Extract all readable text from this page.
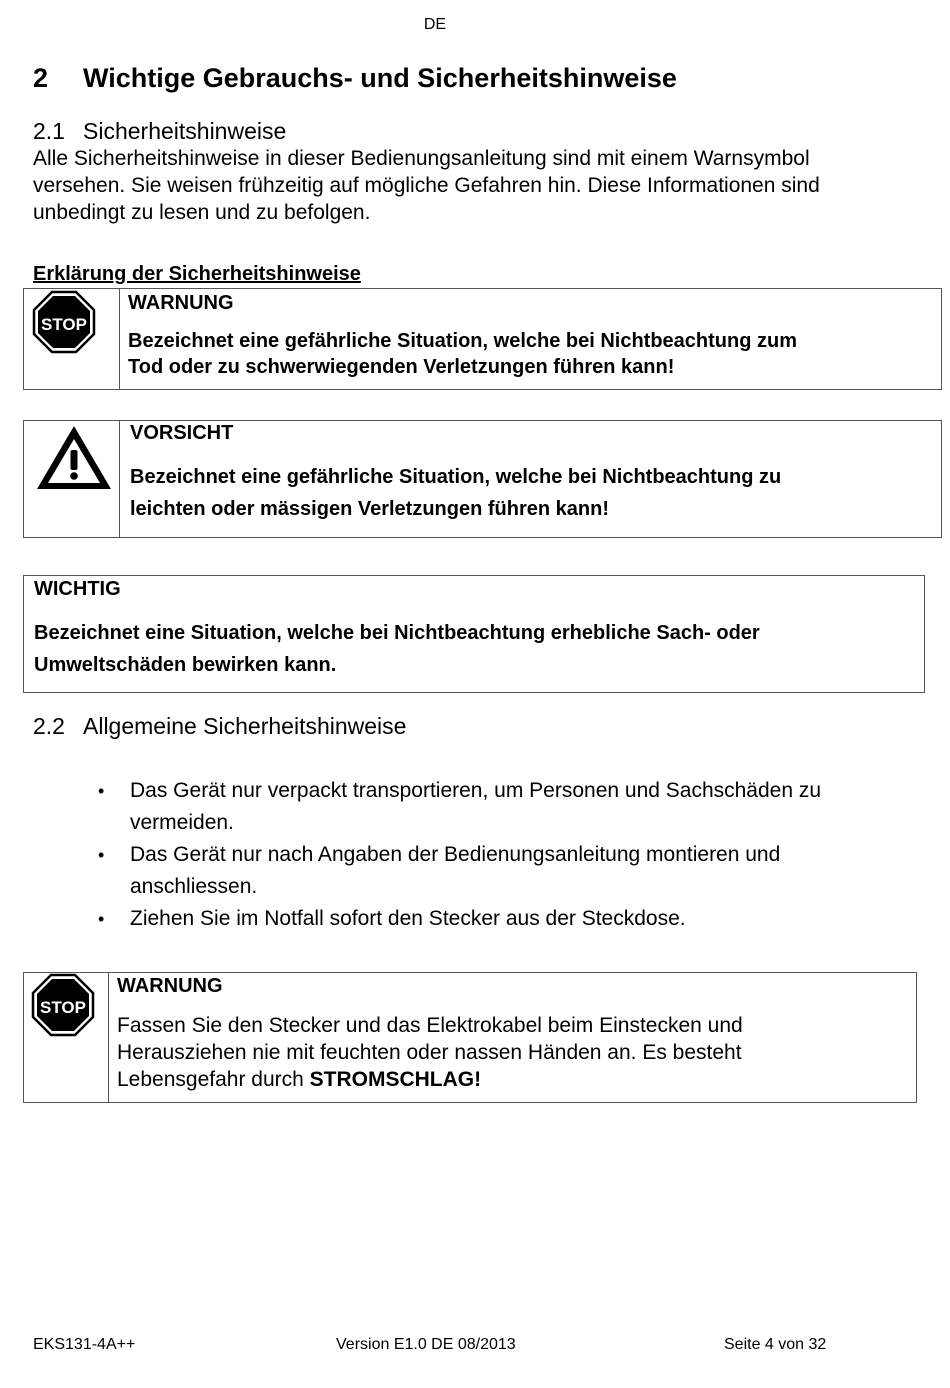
DE
2 Wichtige Gebrauchs- und Sicherheitshinweise
2.1 Sicherheitshinweise
Alle Sicherheitshinweise in dieser Bedienungsanleitung sind mit einem Warnsymbol
versehen. Sie weisen frühzeitig auf mögliche Gefahren hin. Diese Informationen sind
unbedingt zu lesen und zu befolgen.
Erklärung der Sicherheitshinweise
STOP
WARNUNG
Bezeichnet eine gefährliche Situation, welche bei Nichtbeachtung zum
Tod oder zu schwerwiegenden Verletzungen führen kann!
VORSICHT
Bezeichnet eine gefährliche Situation, welche bei Nichtbeachtung zu
leichten oder mässigen Verletzungen führen kann!
WICHTIG
Bezeichnet eine Situation, welche bei Nichtbeachtung erhebliche Sach- oder
Umweltschäden bewirken kann.
2.2 Allgemeine Sicherheitshinweise
• Das Gerät nur verpackt transportieren, um Personen und Sachschäden zu
vermeiden.
• Das Gerät nur nach Angaben der Bedienungsanleitung montieren und
anschliessen.
• Ziehen Sie im Notfall sofort den Stecker aus der Steckdose.
STOP
WARNUNG
Fassen Sie den Stecker und das Elektrokabel beim Einstecken und
Herausziehen nie mit feuchten oder nassen Händen an. Es besteht
Lebensgefahr durch STROMSCHLAG!
EKS131-4A++	Version E1.0 DE 08/2013	Seite 4 von 32
